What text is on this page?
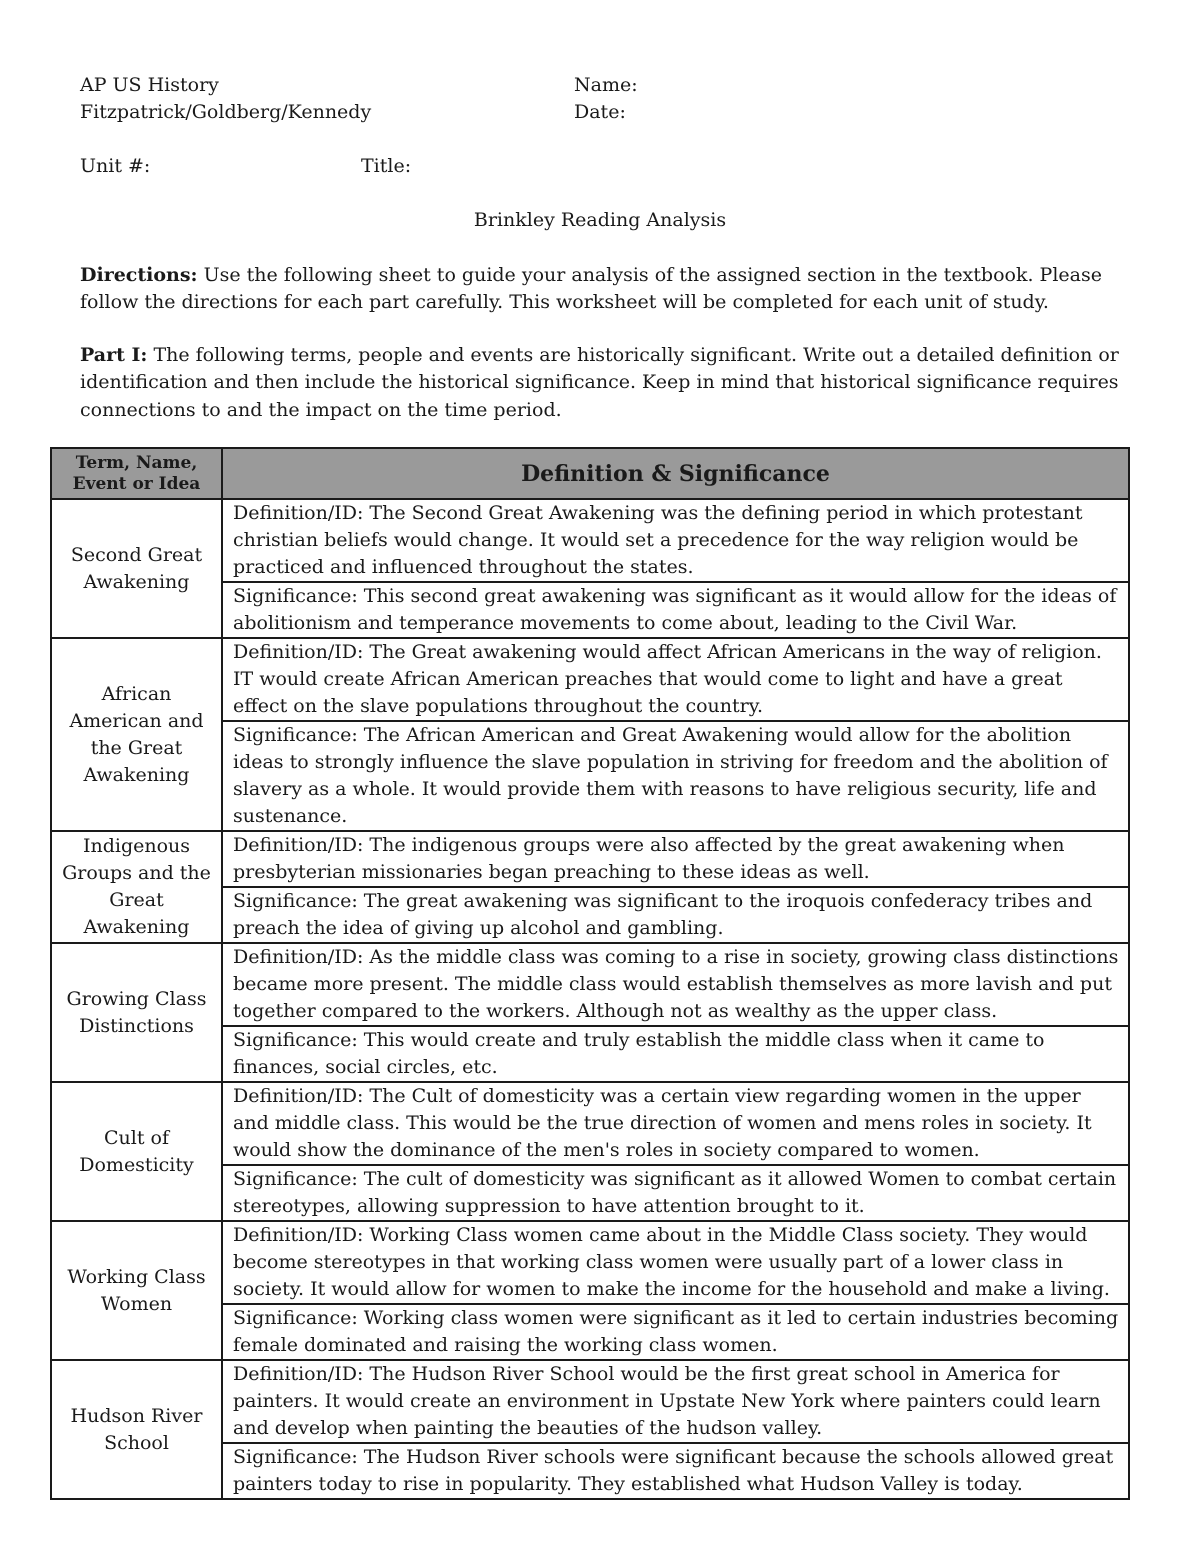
AP US History
Fitzpatrick/Goldberg/Kennedy
Name:
Date:
Unit #:	Title:
Brinkley Reading Analysis
Directions: Use the following sheet to guide your analysis of the assigned section in the textbook. Please follow the directions for each part carefully. This worksheet will be completed for each unit of study.
Part I: The following terms, people and events are historically significant. Write out a detailed definition or identification and then include the historical significance. Keep in mind that historical significance requires connections to and the impact on the time period.
Term, Name, Event or Idea	Definition & Significance
Second Great Awakening	Definition/ID: The Second Great Awakening was the defining period in which protestant christian beliefs would change. It would set a precedence for the way religion would be practiced and influenced throughout the states.
	Significance: This second great awakening was significant as it would allow for the ideas of abolitionism and temperance movements to come about, leading to the Civil War.
African American and the Great Awakening	Definition/ID: The Great awakening would affect African Americans in the way of religion. IT would create African American preaches that would come to light and have a great effect on the slave populations throughout the country.
	Significance: The African American and Great Awakening would allow for the abolition ideas to strongly influence the slave population in striving for freedom and the abolition of slavery as a whole. It would provide them with reasons to have religious security, life and sustenance.
Indigenous Groups and the Great Awakening	Definition/ID: The indigenous groups were also affected by the great awakening when presbyterian missionaries began preaching to these ideas as well.
	Significance: The great awakening was significant to the iroquois confederacy tribes and preach the idea of giving up alcohol and gambling.
Growing Class Distinctions	Definition/ID: As the middle class was coming to a rise in society, growing class distinctions became more present. The middle class would establish themselves as more lavish and put together compared to the workers. Although not as wealthy as the upper class.
	Significance: This would create and truly establish the middle class when it came to finances, social circles, etc.
Cult of Domesticity	Definition/ID: The Cult of domesticity was a certain view regarding women in the upper and middle class. This would be the true direction of women and mens roles in society. It would show the dominance of the men's roles in society compared to women.
	Significance: The cult of domesticity was significant as it allowed Women to combat certain stereotypes, allowing suppression to have attention brought to it.
Working Class Women	Definition/ID: Working Class women came about in the Middle Class society. They would become stereotypes in that working class women were usually part of a lower class in society. It would allow for women to make the income for the household and make a living.
	Significance: Working class women were significant as it led to certain industries becoming female dominated and raising the working class women.
Hudson River School	Definition/ID: The Hudson River School would be the first great school in America for painters. It would create an environment in Upstate New York where painters could learn and develop when painting the beauties of the hudson valley.
	Significance: The Hudson River schools were significant because the schools allowed great painters today to rise in popularity. They established what Hudson Valley is today.
